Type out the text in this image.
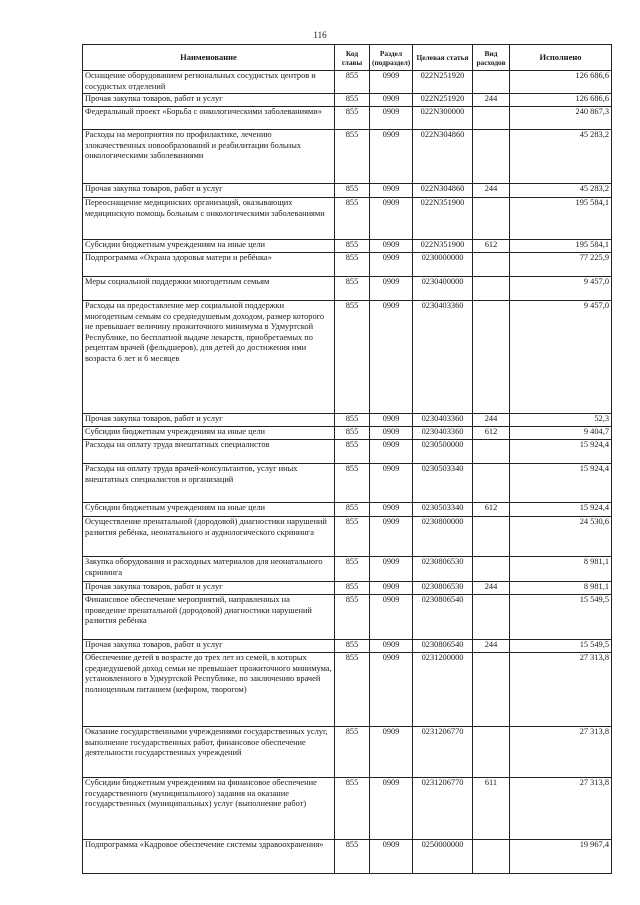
116
Наименование	Код главы	Раздел (подраздел)	Целевая статья	Вид расходов	Исполнено
Оснащение оборудованием региональных сосудистых центров и сосудистых отделений	855	0909	022N251920		126 686,6
Прочая закупка товаров, работ и услуг	855	0909	022N251920	244	126 686,6
Федеральный проект «Борьба с онкологическими заболеваниями»	855	0909	022N300000		240 867,3
Расходы на мероприятия по профилактике, лечению злокачественных новообразований и реабилитации больных онкологическими заболеваниями	855	0909	022N304860		45 283,2
Прочая закупка товаров, работ и услуг	855	0909	022N304860	244	45 283,2
Переоснащение медицинских организаций, оказывающих медицинскую помощь больным с онкологическими заболеваниями	855	0909	022N351900		195 584,1
Субсидии бюджетным учреждениям на иные цели	855	0909	022N351900	612	195 584,1
Подпрограмма «Охрана здоровья матери и ребёнка»	855	0909	0230000000		77 225,9
Меры социальной поддержки многодетным семьям	855	0909	0230400000		9 457,0
Расходы на предоставление мер социальной поддержки многодетным семьям со среднедушевым доходом, размер которого не превышает величину прожиточного минимума в Удмуртской Республике, по бесплатной выдаче лекарств, приобретаемых по рецептам врачей (фельдшеров), для детей до достижения ими возраста 6 лет и 6 месяцев	855	0909	0230403360		9 457,0
Прочая закупка товаров, работ и услуг	855	0909	0230403360	244	52,3
Субсидии бюджетным учреждениям на иные цели	855	0909	0230403360	612	9 404,7
Расходы на оплату труда внештатных специалистов	855	0909	0230500000		15 924,4
Расходы на оплату труда врачей-консультантов, услуг иных внештатных специалистов и организаций	855	0909	0230503340		15 924,4
Субсидии бюджетным учреждениям на иные цели	855	0909	0230503340	612	15 924,4
Осуществление пренатальной (дородовой) диагностики нарушений развития ребёнка, неонатального и аудиологического скрининга	855	0909	0230800000		24 530,6
Закупка оборудования и расходных материалов для неонатального скрининга	855	0909	0230806530		8 981,1
Прочая закупка товаров, работ и услуг	855	0909	0230806530	244	8 981,1
Финансовое обеспечение мероприятий, направленных на проведение пренатальной (дородовой) диагностики нарушений развития ребёнка	855	0909	0230806540		15 549,5
Прочая закупка товаров, работ и услуг	855	0909	0230806540	244	15 549,5
Обеспечение детей в возрасте до трех лет из семей, в которых среднедушевой доход семьи не превышает прожиточного минимума, установленного в Удмуртской Республике, по заключению врачей полноценным питанием (кефиром, творогом)	855	0909	0231200000		27 313,8
Оказание государственными учреждениями государственных услуг, выполнение государственных работ, финансовое обеспечение деятельности государственных учреждений	855	0909	0231206770		27 313,8
Субсидии бюджетным учреждениям на финансовое обеспечение государственного (муниципального) задания на оказание государственных (муниципальных) услуг (выполнение работ)	855	0909	0231206770	611	27 313,8
Подпрограмма «Кадровое обеспечение системы здравоохранения»	855	0909	0250000000		19 967,4
